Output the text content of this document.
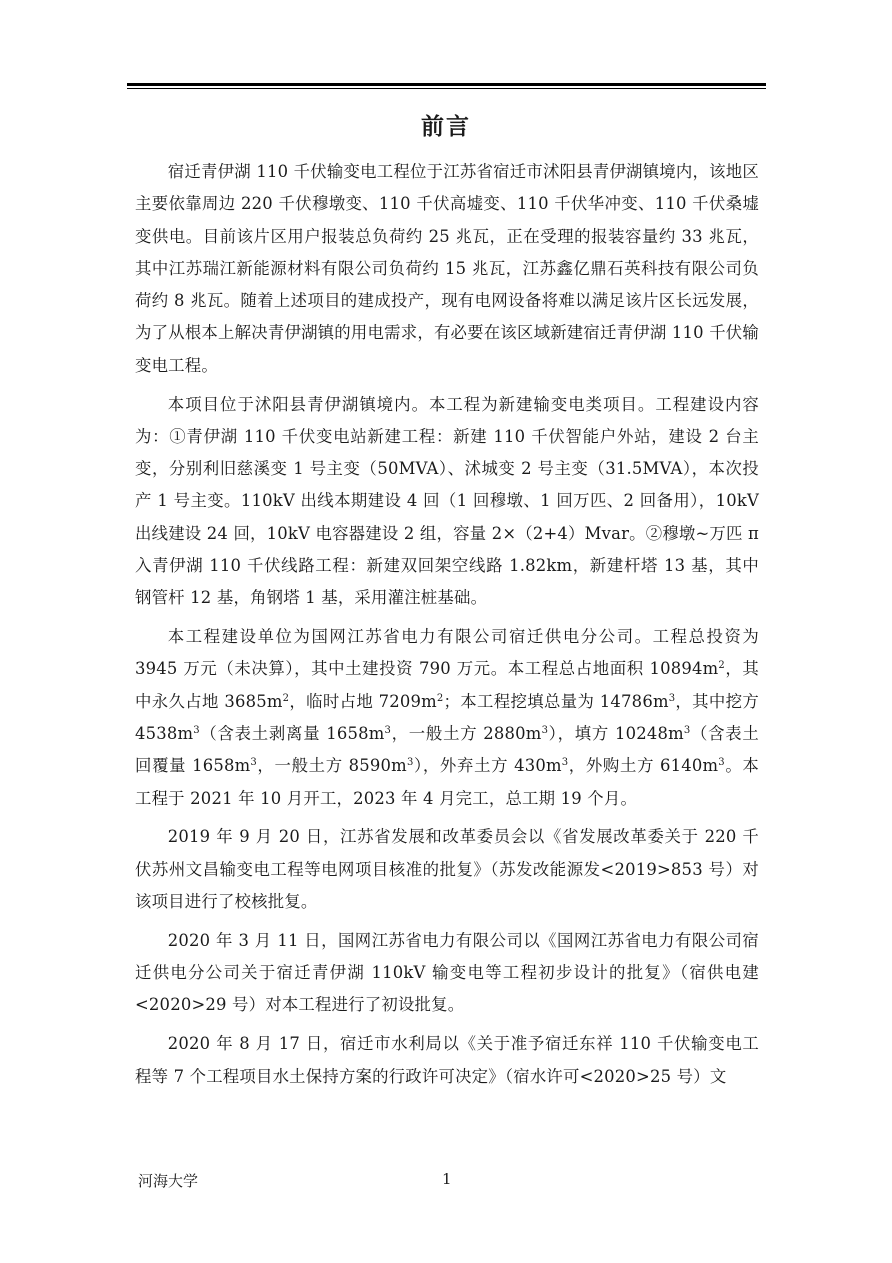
前言

宿迁青伊湖 110 千伏输变电工程位于江苏省宿迁市沭阳县青伊湖镇境内，该地区主要依靠周边 220 千伏穆墩变、110 千伏高墟变、110 千伏华冲变、110 千伏桑墟变供电。目前该片区用户报装总负荷约 25 兆瓦，正在受理的报装容量约 33 兆瓦，其中江苏瑞江新能源材料有限公司负荷约 15 兆瓦，江苏鑫亿鼎石英科技有限公司负荷约 8 兆瓦。随着上述项目的建成投产，现有电网设备将难以满足该片区长远发展，为了从根本上解决青伊湖镇的用电需求，有必要在该区域新建宿迁青伊湖 110 千伏输变电工程。

本项目位于沭阳县青伊湖镇境内。本工程为新建输变电类项目。工程建设内容为：①青伊湖 110 千伏变电站新建工程：新建 110 千伏智能户外站，建设 2 台主变，分别利旧慈溪变 1 号主变（50MVA）、沭城变 2 号主变（31.5MVA），本次投产 1 号主变。110kV 出线本期建设 4 回（1 回穆墩、1 回万匹、2 回备用），10kV 出线建设 24 回，10kV 电容器建设 2 组，容量 2×（2+4）Mvar。②穆墩~万匹 π 入青伊湖 110 千伏线路工程：新建双回架空线路 1.82km，新建杆塔 13 基，其中钢管杆 12 基，角钢塔 1 基，采用灌注桩基础。

本工程建设单位为国网江苏省电力有限公司宿迁供电分公司。工程总投资为 3945 万元（未决算），其中土建投资 790 万元。本工程总占地面积 $10894m^2$，其中永久占地 $3685m^2$，临时占地 $7209m^2$；本工程挖填总量为 $14786m^3$，其中挖方 $4538m^3$（含表土剥离量 $1658m^3$，一般土方 $2880m^3$），填方 $10248m^3$（含表土回覆量 $1658m^3$，一般土方 $8590m^3$），外弃土方 $430m^3$，外购土方 $6140m^3$。本工程于 2021 年 10 月开工，2023 年 4 月完工，总工期 19 个月。

2019 年 9 月 20 日，江苏省发展和改革委员会以《省发展改革委关于 220 千伏苏州文昌输变电工程等电网项目核准的批复》（苏发改能源发<2019>853 号）对该项目进行了校核批复。

2020 年 3 月 11 日，国网江苏省电力有限公司以《国网江苏省电力有限公司宿迁供电分公司关于宿迁青伊湖 110kV 输变电等工程初步设计的批复》（宿供电建<2020>29 号）对本工程进行了初设批复。

2020 年 8 月 17 日，宿迁市水利局以《关于准予宿迁东祥 110 千伏输变电工程等 7 个工程项目水土保持方案的行政许可决定》（宿水许可<2020>25 号）文

河海大学	1
